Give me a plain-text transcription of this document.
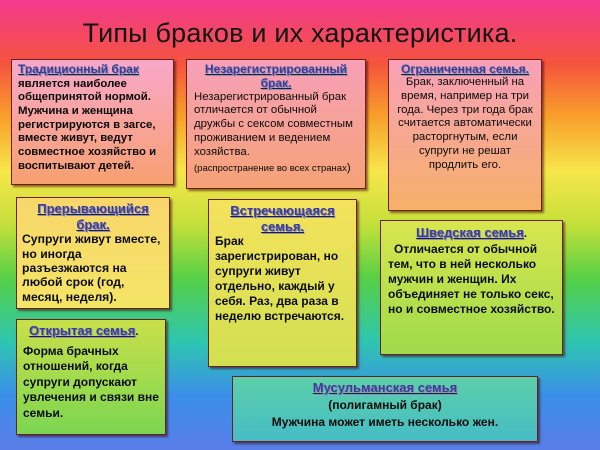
Типы браков и их характеристика.
Традиционный брак является наиболее общепринятой нормой. Мужчина и женщина регистрируются в загсе, вместе живут, ведут совместное хозяйство и воспитывают детей.
Незарегистрированный брак.
Незарегистрированный брак отличается от обычной дружбы с сексом совместным проживанием и ведением хозяйства.
(распространение во всех странах)
Ограниченная семья.
Брак, заключенный на время, например на три года. Через три года брак считается автоматически расторгнутым, если супруги не решат продлить его.
Прерывающийся брак.
Супруги живут вместе, но иногда разъезжаются на любой срок (год, месяц, неделя).
Встречающаяся семья.
Брак зарегистрирован, но супруги живут отдельно, каждый у себя. Раз, два раза в неделю встречаются.
Шведская семья.
Отличается от обычной тем, что в ней несколько мужчин и женщин. Их объединяет не только секс, но и совместное хозяйство.
Открытая семья.
Форма брачных отношений, когда супруги допускают увлечения и связи вне семьи.
Мусульманская семья
(полигамный брак)
Мужчина может иметь несколько жен.
